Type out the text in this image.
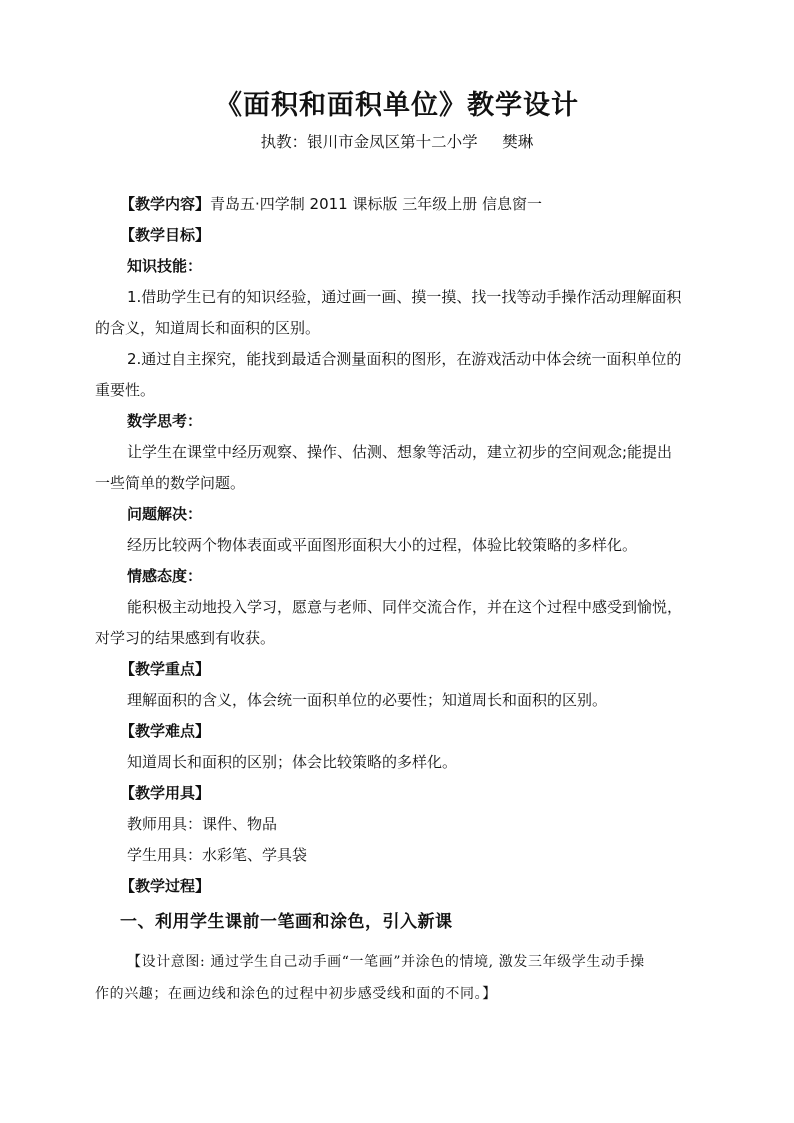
《面积和面积单位》教学设计
执教：银川市金凤区第十二小学     樊琳
【教学内容】青岛五·四学制 2011 课标版 三年级上册 信息窗一
【教学目标】
知识技能：
1.借助学生已有的知识经验，通过画一画、摸一摸、找一找等动手操作活动理解面积
的含义，知道周长和面积的区别。
2.通过自主探究，能找到最适合测量面积的图形，在游戏活动中体会统一面积单位的
重要性。
数学思考：
让学生在课堂中经历观察、操作、估测、想象等活动，建立初步的空间观念;能提出
一些简单的数学问题。
问题解决：
经历比较两个物体表面或平面图形面积大小的过程，体验比较策略的多样化。
情感态度：
能积极主动地投入学习，愿意与老师、同伴交流合作，并在这个过程中感受到愉悦，
对学习的结果感到有收获。
【教学重点】
理解面积的含义，体会统一面积单位的必要性；知道周长和面积的区别。
【教学难点】
知道周长和面积的区别；体会比较策略的多样化。
【教学用具】
教师用具：课件、物品
学生用具：水彩笔、学具袋
【教学过程】
一、利用学生课前一笔画和涂色，引入新课
【设计意图: 通过学生自己动手画“一笔画”并涂色的情境, 激发三年级学生动手操
作的兴趣；在画边线和涂色的过程中初步感受线和面的不同。】
